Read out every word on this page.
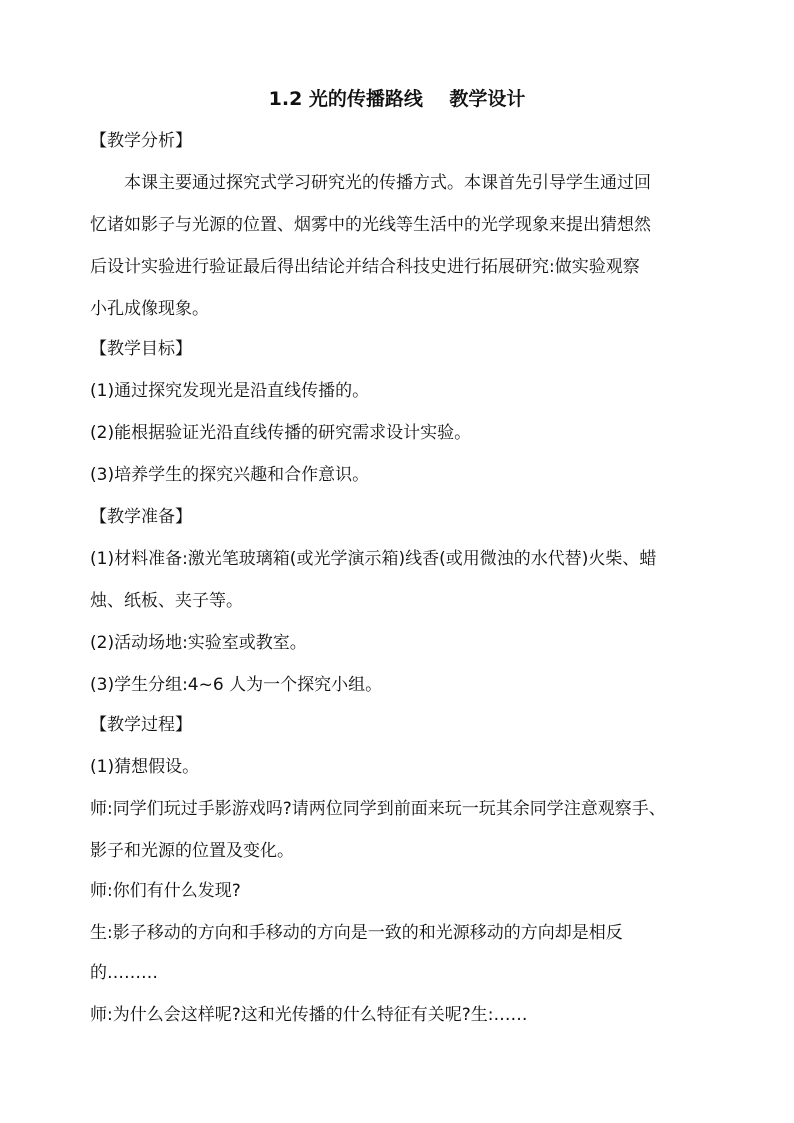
1.2 光的传播路线    教学设计
【教学分析】
本课主要通过探究式学习研究光的传播方式。本课首先引导学生通过回
忆诸如影子与光源的位置、烟雾中的光线等生活中的光学现象来提出猜想然
后设计实验进行验证最后得出结论并结合科技史进行拓展研究:做实验观察
小孔成像现象。
【教学目标】
(1)通过探究发现光是沿直线传播的。
(2)能根据验证光沿直线传播的研究需求设计实验。
(3)培养学生的探究兴趣和合作意识。
【教学准备】
(1)材料准备:激光笔玻璃箱(或光学演示箱)线香(或用微浊的水代替)火柴、蜡
烛、纸板、夹子等。
(2)活动场地:实验室或教室。
(3)学生分组:4~6 人为一个探究小组。
【教学过程】
(1)猜想假设。
师:同学们玩过手影游戏吗?请两位同学到前面来玩一玩其余同学注意观察手、
影子和光源的位置及变化。
师:你们有什么发现?
生:影子移动的方向和手移动的方向是一致的和光源移动的方向却是相反
的………
师:为什么会这样呢?这和光传播的什么特征有关呢?生:……
